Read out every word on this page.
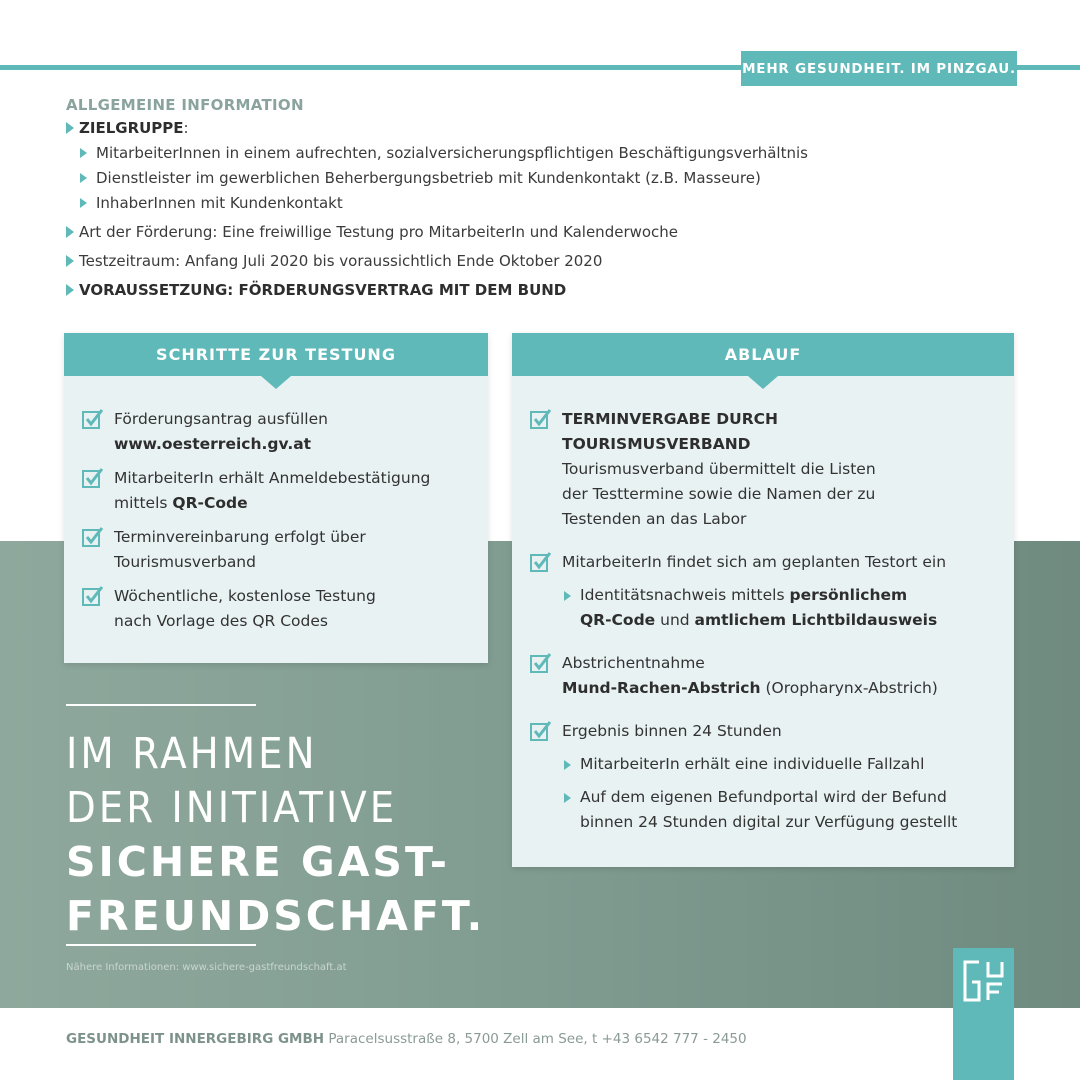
MEHR GESUNDHEIT. IM PINZGAU.
ALLGEMEINE INFORMATION
ZIELGRUPPE:
MitarbeiterInnen in einem aufrechten, sozialversicherungspflichtigen Beschäftigungsverhältnis
Dienstleister im gewerblichen Beherbergungsbetrieb mit Kundenkontakt (z.B. Masseure)
InhaberInnen mit Kundenkontakt
Art der Förderung: Eine freiwillige Testung pro MitarbeiterIn und Kalenderwoche
Testzeitraum: Anfang Juli 2020 bis voraussichtlich Ende Oktober 2020
VORAUSSETZUNG: FÖRDERUNGSVERTRAG MIT DEM BUND
SCHRITTE ZUR TESTUNG
Förderungsantrag ausfüllen
www.oesterreich.gv.at
MitarbeiterIn erhält Anmeldebestätigung
mittels QR-Code
Terminvereinbarung erfolgt über
Tourismusverband
Wöchentliche, kostenlose Testung
nach Vorlage des QR Codes
ABLAUF
TERMINVERGABE DURCH
TOURISMUSVERBAND
Tourismusverband übermittelt die Listen
der Testtermine sowie die Namen der zu
Testenden an das Labor
MitarbeiterIn findet sich am geplanten Testort ein
Identitätsnachweis mittels persönlichem
QR-Code und amtlichem Lichtbildausweis
Abstrichentnahme
Mund-Rachen-Abstrich (Oropharynx-Abstrich)
Ergebnis binnen 24 Stunden
MitarbeiterIn erhält eine individuelle Fallzahl
Auf dem eigenen Befundportal wird der Befund
binnen 24 Stunden digital zur Verfügung gestellt
IM RAHMEN
DER INITIATIVE
SICHERE GAST-
FREUNDSCHAFT.
Nähere Informationen: www.sichere-gastfreundschaft.at
GESUNDHEIT INNERGEBIRG GMBH Paracelsusstraße 8, 5700 Zell am See, t +43 6542 777 - 2450
